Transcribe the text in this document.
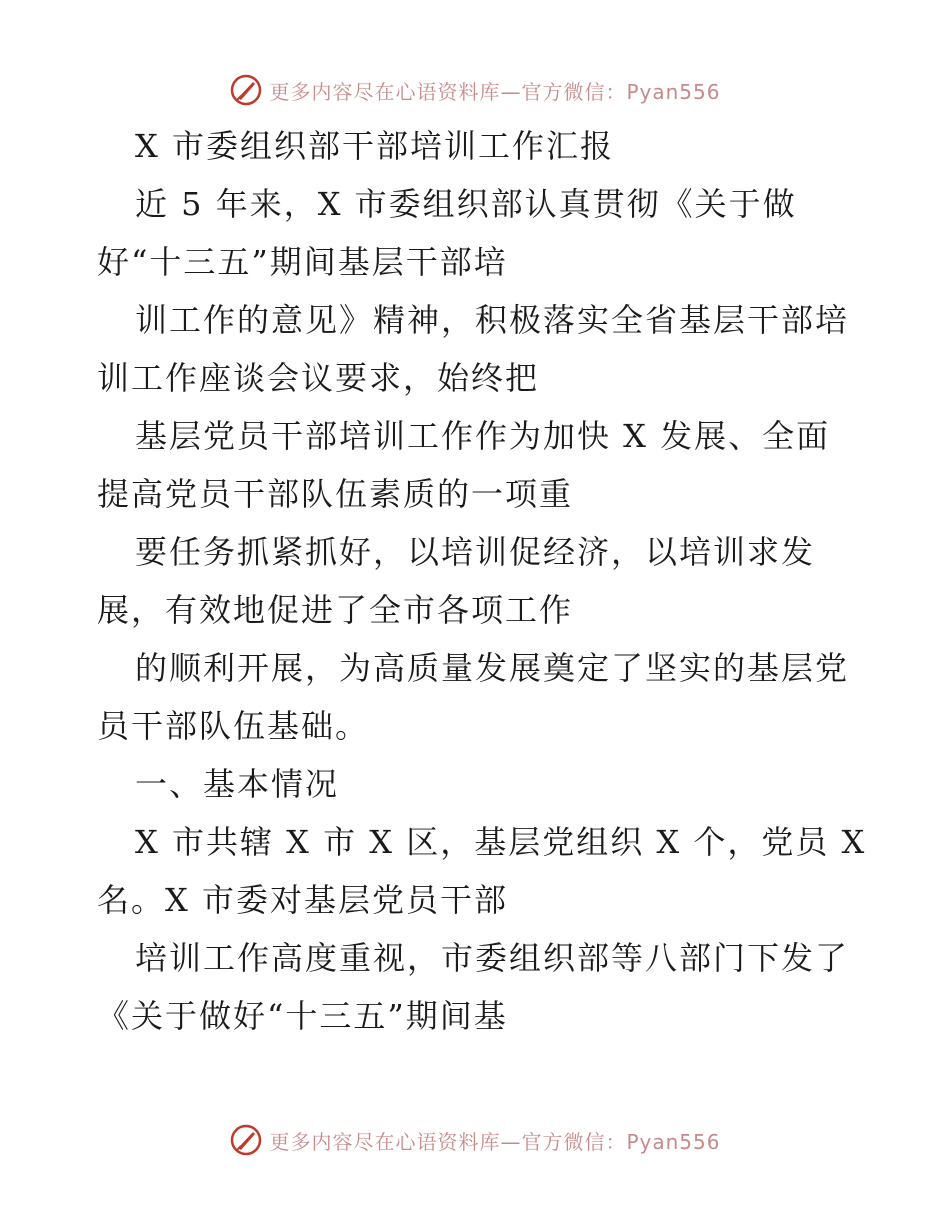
更多内容尽在心语资料库—官方微信：Pyan556
X 市委组织部干部培训工作汇报
近 5 年来，X 市委组织部认真贯彻《关于做
好“十三五”期间基层干部培
训工作的意见》精神，积极落实全省基层干部培
训工作座谈会议要求，始终把
基层党员干部培训工作作为加快 X 发展、全面
提高党员干部队伍素质的一项重
要任务抓紧抓好，以培训促经济，以培训求发
展，有效地促进了全市各项工作
的顺利开展，为高质量发展奠定了坚实的基层党
员干部队伍基础。
一、基本情况
X 市共辖 X 市 X 区，基层党组织 X 个，党员 X
名。X 市委对基层党员干部
培训工作高度重视，市委组织部等八部门下发了
《关于做好“十三五”期间基
更多内容尽在心语资料库—官方微信：Pyan556
